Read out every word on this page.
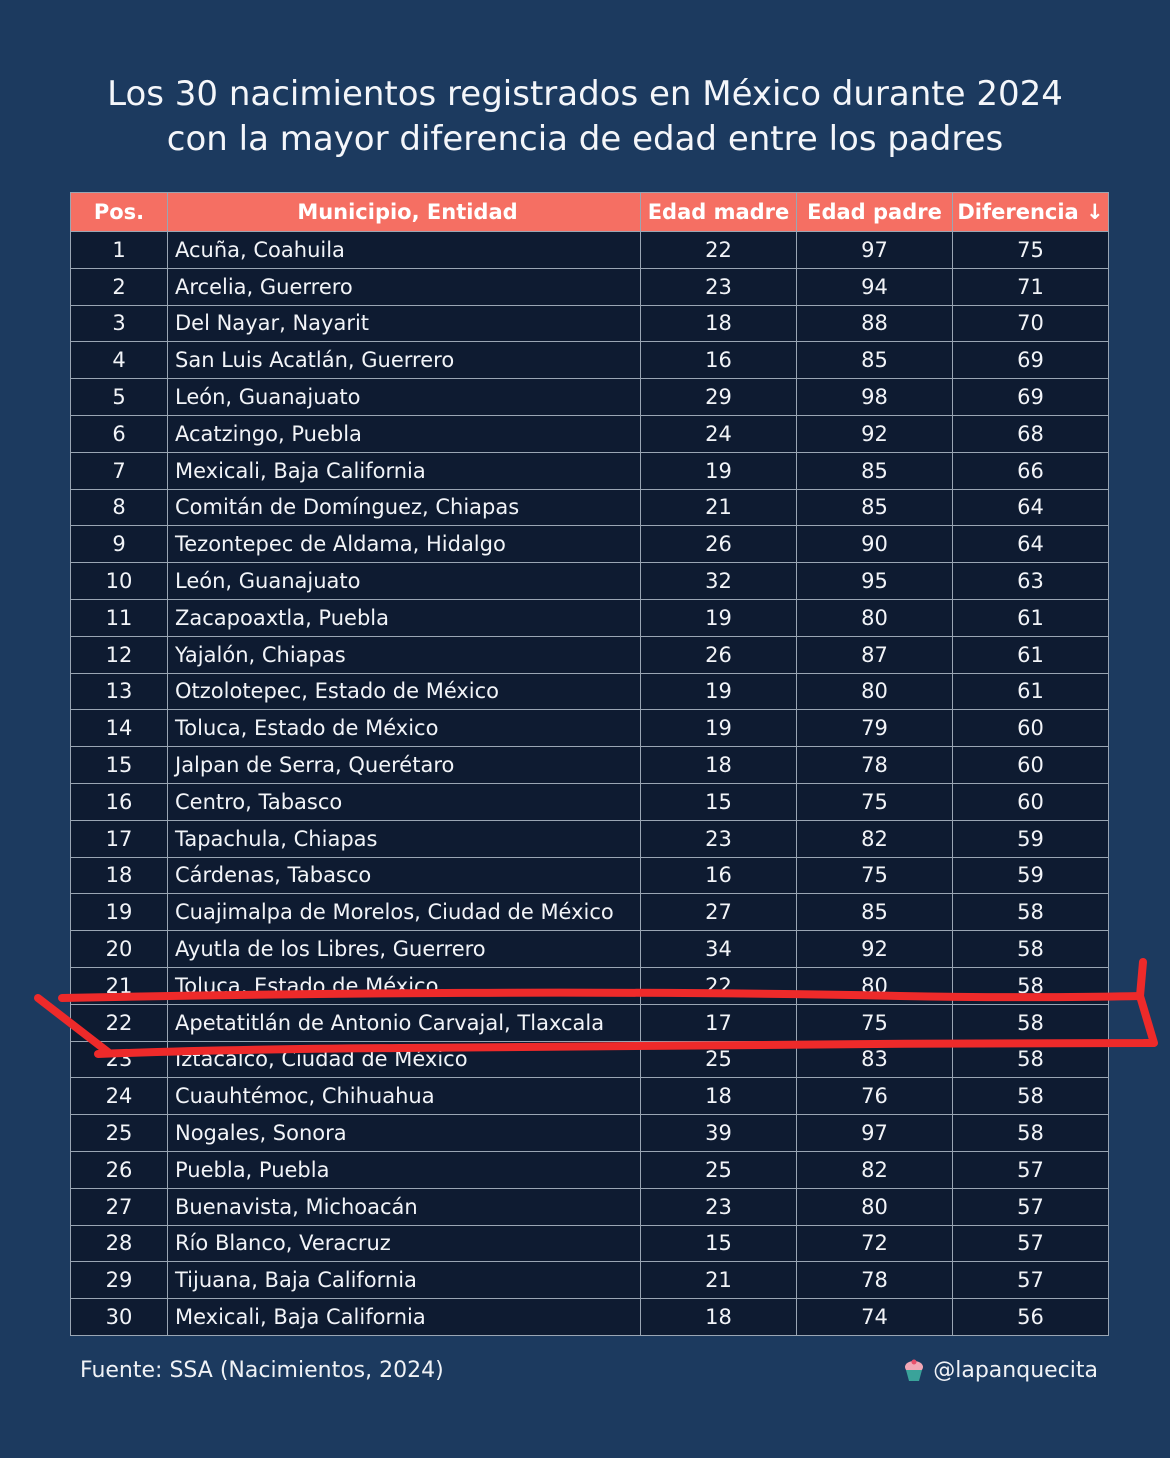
Los 30 nacimientos registrados en México durante 2024
con la mayor diferencia de edad entre los padres
Pos.	Municipio, Entidad	Edad madre	Edad padre	Diferencia ↓
1	Acuña, Coahuila	22	97	75
2	Arcelia, Guerrero	23	94	71
3	Del Nayar, Nayarit	18	88	70
4	San Luis Acatlán, Guerrero	16	85	69
5	León, Guanajuato	29	98	69
6	Acatzingo, Puebla	24	92	68
7	Mexicali, Baja California	19	85	66
8	Comitán de Domínguez, Chiapas	21	85	64
9	Tezontepec de Aldama, Hidalgo	26	90	64
10	León, Guanajuato	32	95	63
11	Zacapoaxtla, Puebla	19	80	61
12	Yajalón, Chiapas	26	87	61
13	Otzolotepec, Estado de México	19	80	61
14	Toluca, Estado de México	19	79	60
15	Jalpan de Serra, Querétaro	18	78	60
16	Centro, Tabasco	15	75	60
17	Tapachula, Chiapas	23	82	59
18	Cárdenas, Tabasco	16	75	59
19	Cuajimalpa de Morelos, Ciudad de México	27	85	58
20	Ayutla de los Libres, Guerrero	34	92	58
21	Toluca, Estado de México	22	80	58
22	Apetatitlán de Antonio Carvajal, Tlaxcala	17	75	58
23	Iztacalco, Ciudad de México	25	83	58
24	Cuauhtémoc, Chihuahua	18	76	58
25	Nogales, Sonora	39	97	58
26	Puebla, Puebla	25	82	57
27	Buenavista, Michoacán	23	80	57
28	Río Blanco, Veracruz	15	72	57
29	Tijuana, Baja California	21	78	57
30	Mexicali, Baja California	18	74	56
Fuente: SSA (Nacimientos, 2024)	@lapanquecita
